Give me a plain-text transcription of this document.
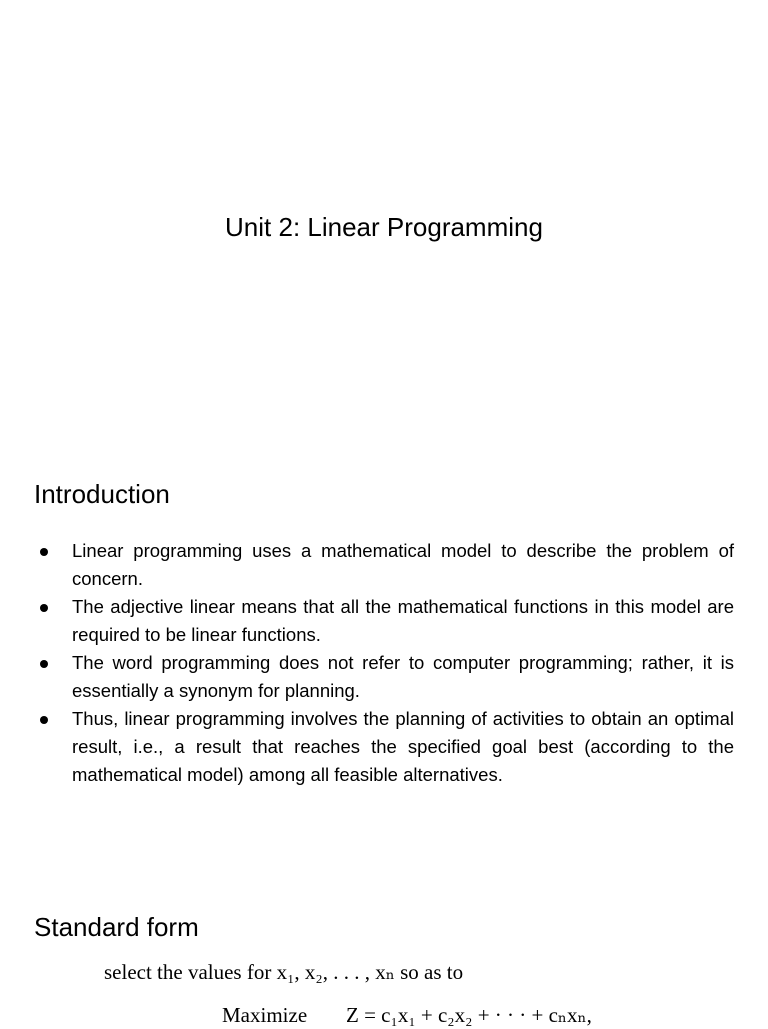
Unit 2: Linear Programming
Introduction
Linear programming uses a mathematical model to describe the problem of concern.
The adjective linear means that all the mathematical functions in this model are required to be linear functions.
The word programming does not refer to computer programming; rather, it is essentially a synonym for planning.
Thus, linear programming involves the planning of activities to obtain an optimal result, i.e., a result that reaches the specified goal best (according to the mathematical model) among all feasible alternatives.
Standard form
select the values for x₁, x₂, . . . , xₙ so as to
Maximize Z = c₁x₁ + c₂x₂ + · · · + cₙxₙ,
